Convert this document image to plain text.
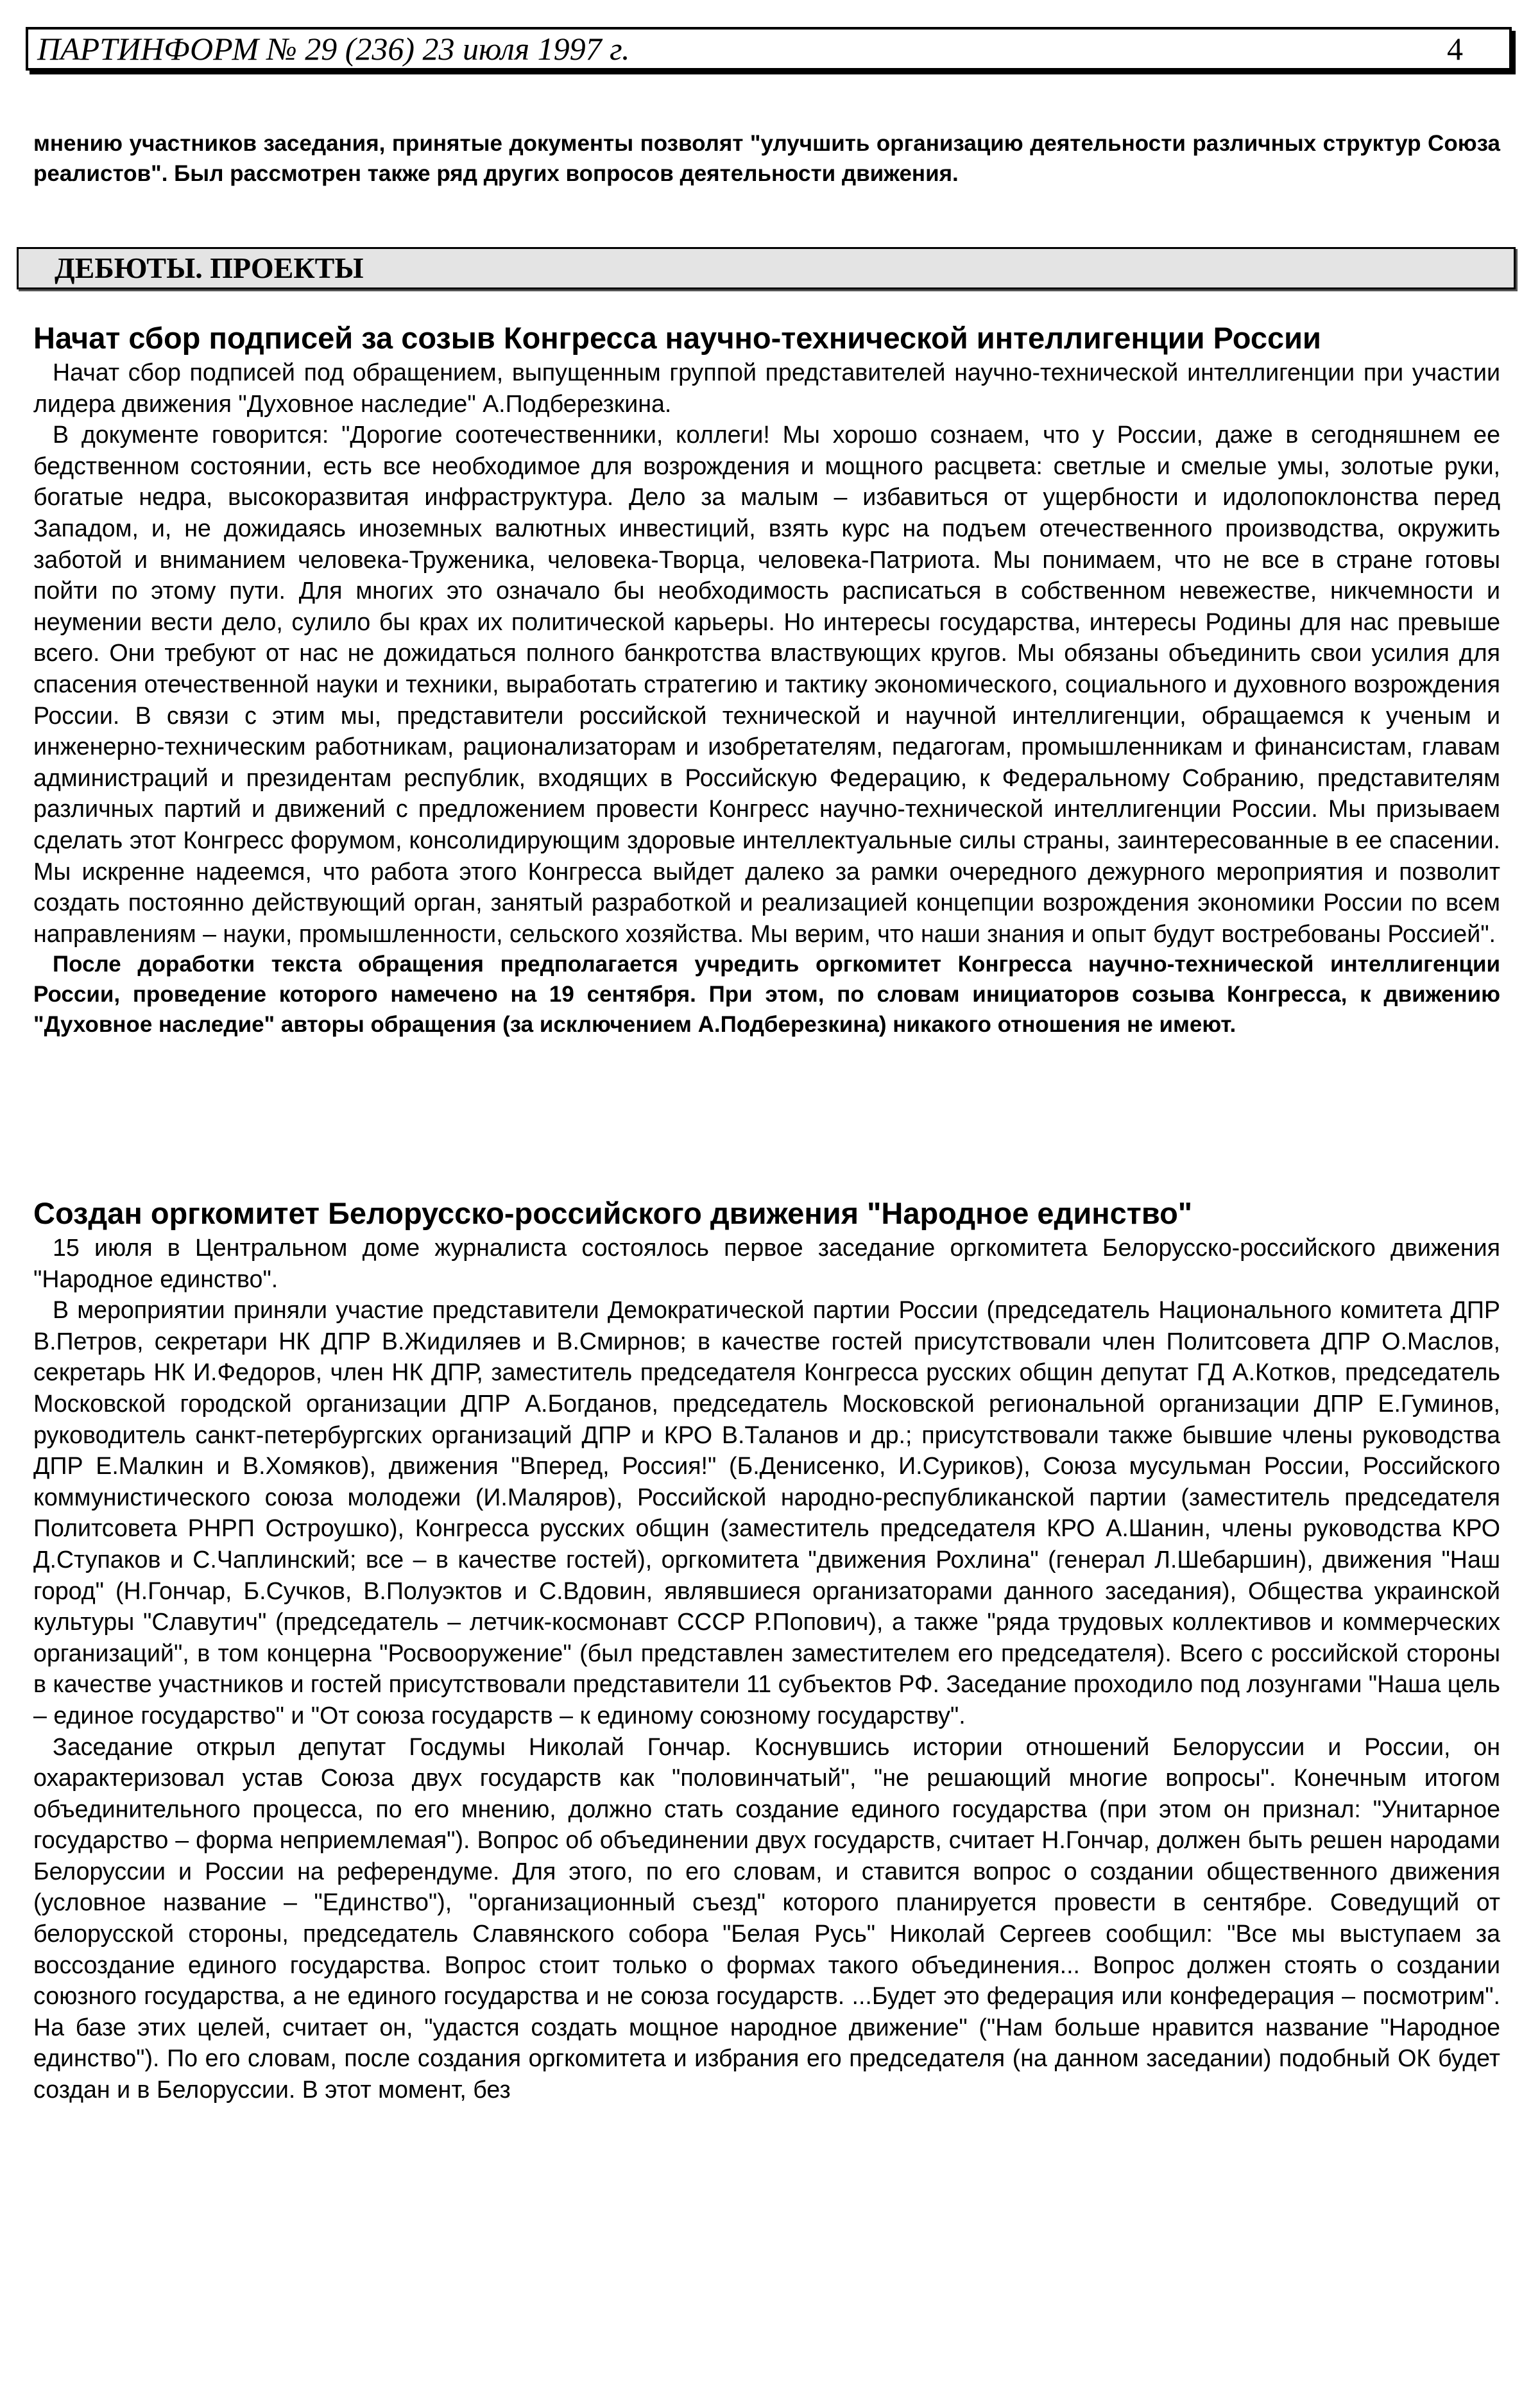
ПАРТИНФОРМ № 29 (236) 23 июля 1997 г.	4

мнению участников заседания, принятые документы позволят "улучшить организацию деятельности различных структур Союза реалистов". Был рассмотрен также ряд других вопросов деятельности движения.

ДЕБЮТЫ. ПРОЕКТЫ

Начат сбор подписей за созыв Конгресса научно-технической интеллигенции России

Начат сбор подписей под обращением, выпущенным группой представителей научно-технической интеллигенции при участии лидера движения "Духовное наследие" А.Подберезкина.

В документе говорится: "Дорогие соотечественники, коллеги! Мы хорошо сознаем, что у России, даже в сегодняшнем ее бедственном состоянии, есть все необходимое для возрождения и мощного расцвета: светлые и смелые умы, золотые руки, богатые недра, высокоразвитая инфраструктура. Дело за малым – избавиться от ущербности и идолопоклонства перед Западом, и, не дожидаясь иноземных валютных инвестиций, взять курс на подъем отечественного производства, окружить заботой и вниманием человека-Труженика, человека-Творца, человека-Патриота. Мы понимаем, что не все в стране готовы пойти по этому пути. Для многих это означало бы необходимость расписаться в собственном невежестве, никчемности и неумении вести дело, сулило бы крах их политической карьеры. Но интересы государства, интересы Родины для нас превыше всего. Они требуют от нас не дожидаться полного банкротства властвующих кругов. Мы обязаны объединить свои усилия для спасения отечественной науки и техники, выработать стратегию и тактику экономического, социального и духовного возрождения России. В связи с этим мы, представители российской технической и научной интеллигенции, обращаемся к ученым и инженерно-техническим работникам, рационализаторам и изобретателям, педагогам, промышленникам и финансистам, главам администраций и президентам республик, входящих в Российскую Федерацию, к Федеральному Собранию, представителям различных партий и движений с предложением провести Конгресс научно-технической интеллигенции России. Мы призываем сделать этот Конгресс форумом, консолидирующим здоровые интеллектуальные силы страны, заинтересованные в ее спасении. Мы искренне надеемся, что работа этого Конгресса выйдет далеко за рамки очередного дежурного мероприятия и позволит создать постоянно действующий орган, занятый разработкой и реализацией концепции возрождения экономики России по всем направлениям – науки, промышленности, сельского хозяйства. Мы верим, что наши знания и опыт будут востребованы Россией".

После доработки текста обращения предполагается учредить оргкомитет Конгресса научно-технической интеллигенции России, проведение которого намечено на 19 сентября. При этом, по словам инициаторов созыва Конгресса, к движению "Духовное наследие" авторы обращения (за исключением А.Подберезкина) никакого отношения не имеют.

Создан оргкомитет Белорусско-российского движения "Народное единство"

15 июля в Центральном доме журналиста состоялось первое заседание оргкомитета Белорусско-российского движения "Народное единство".

В мероприятии приняли участие представители Демократической партии России (председатель Национального комитета ДПР В.Петров, секретари НК ДПР В.Жидиляев и В.Смирнов; в качестве гостей присутствовали член Политсовета ДПР О.Маслов, секретарь НК И.Федоров, член НК ДПР, заместитель председателя Конгресса русских общин депутат ГД А.Котков, председатель Московской городской организации ДПР А.Богданов, председатель Московской региональной организации ДПР Е.Гуминов, руководитель санкт-петербургских организаций ДПР и КРО В.Таланов и др.; присутствовали также бывшие члены руководства ДПР Е.Малкин и В.Хомяков), движения "Вперед, Россия!" (Б.Денисенко, И.Суриков), Союза мусульман России, Российского коммунистического союза молодежи (И.Маляров), Российской народно-республиканской партии (заместитель председателя Политсовета РНРП Остроушко), Конгресса русских общин (заместитель председателя КРО А.Шанин, члены руководства КРО Д.Ступаков и С.Чаплинский; все – в качестве гостей), оргкомитета "движения Рохлина" (генерал Л.Шебаршин), движения "Наш город" (Н.Гончар, Б.Сучков, В.Полуэктов и С.Вдовин, являвшиеся организаторами данного заседания), Общества украинской культуры "Славутич" (председатель – летчик-космонавт СССР Р.Попович), а также "ряда трудовых коллективов и коммерческих организаций", в том концерна "Росвооружение" (был представлен заместителем его председателя). Всего с российской стороны в качестве участников и гостей присутствовали представители 11 субъектов РФ. Заседание проходило под лозунгами "Наша цель – единое государство" и "От союза государств – к единому союзному государству".

Заседание открыл депутат Госдумы Николай Гончар. Коснувшись истории отношений Белоруссии и России, он охарактеризовал устав Союза двух государств как "половинчатый", "не решающий многие вопросы". Конечным итогом объединительного процесса, по его мнению, должно стать создание единого государства (при этом он признал: "Унитарное государство – форма неприемлемая"). Вопрос об объединении двух государств, считает Н.Гончар, должен быть решен народами Белоруссии и России на референдуме. Для этого, по его словам, и ставится вопрос о создании общественного движения (условное название – "Единство"), "организационный съезд" которого планируется провести в сентябре. Соведущий от белорусской стороны, председатель Славянского собора "Белая Русь" Николай Сергеев сообщил: "Все мы выступаем за воссоздание единого государства. Вопрос стоит только о формах такого объединения... Вопрос должен стоять о создании союзного государства, а не единого государства и не союза государств. ...Будет это федерация или конфедерация – посмотрим". На базе этих целей, считает он, "удастся создать мощное народное движение" ("Нам больше нравится название "Народное единство"). По его словам, после создания оргкомитета и избрания его председателя (на данном заседании) подобный ОК будет создан и в Белоруссии. В этот момент, без
